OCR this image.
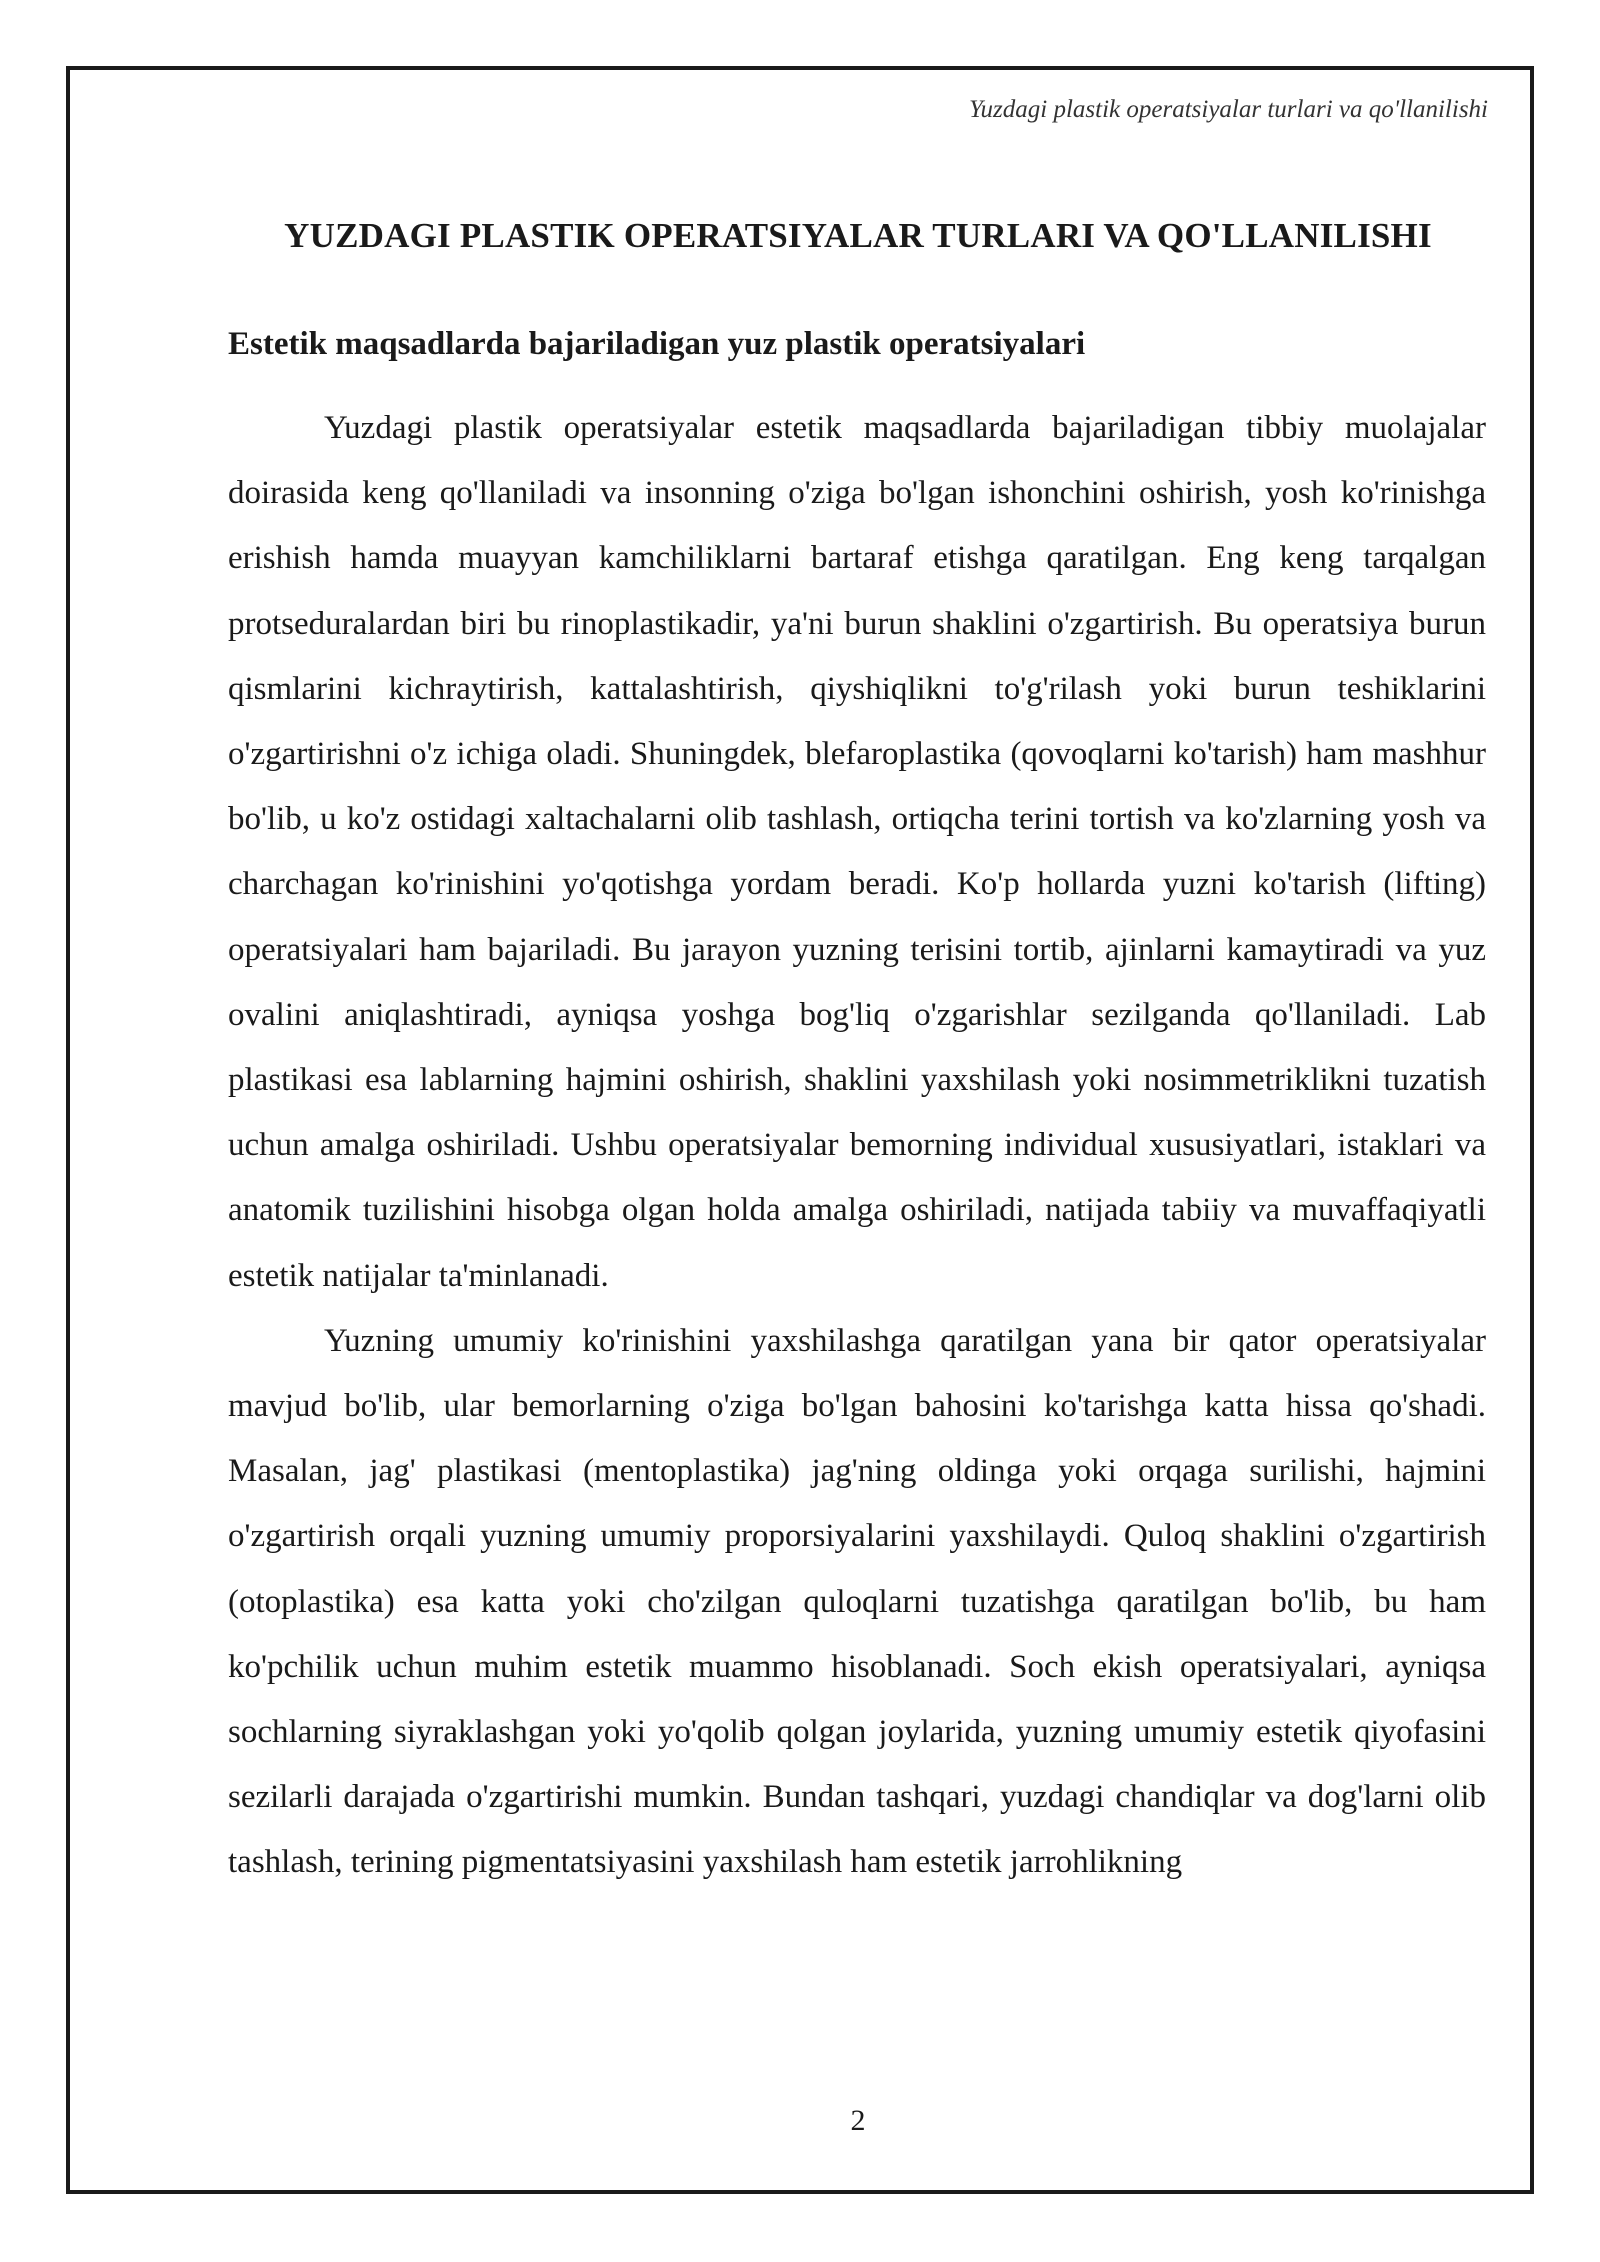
Yuzdagi plastik operatsiyalar turlari va qo'llanilishi
YUZDAGI PLASTIK OPERATSIYALAR TURLARI VA QO'LLANILISHI
Estetik maqsadlarda bajariladigan yuz plastik operatsiyalari

Yuzdagi plastik operatsiyalar estetik maqsadlarda bajariladigan tibbiy muolajalar doirasida keng qo'llaniladi va insonning o'ziga bo'lgan ishonchini oshirish, yosh ko'rinishga erishish hamda muayyan kamchiliklarni bartaraf etishga qaratilgan. Eng keng tarqalgan protseduralardan biri bu rinoplastikadir, ya'ni burun shaklini o'zgartirish. Bu operatsiya burun qismlarini kichraytirish, kattalashtirish, qiyshiqlikni to'g'rilash yoki burun teshiklarini o'zgartirishni o'z ichiga oladi. Shuningdek, blefaroplastika (qovoqlarni ko'tarish) ham mashhur bo'lib, u ko'z ostidagi xaltachalarni olib tashlash, ortiqcha terini tortish va ko'zlarning yosh va charchagan ko'rinishini yo'qotishga yordam beradi. Ko'p hollarda yuzni ko'tarish (lifting) operatsiyalari ham bajariladi. Bu jarayon yuzning terisini tortib, ajinlarni kamaytiradi va yuz ovalini aniqlashtiradi, ayniqsa yoshga bog'liq o'zgarishlar sezilganda qo'llaniladi. Lab plastikasi esa lablarning hajmini oshirish, shaklini yaxshilash yoki nosimmetriklikni tuzatish uchun amalga oshiriladi. Ushbu operatsiyalar bemorning individual xususiyatlari, istaklari va anatomik tuzilishini hisobga olgan holda amalga oshiriladi, natijada tabiiy va muvaffaqiyatli estetik natijalar ta'minlanadi.

Yuzning umumiy ko'rinishini yaxshilashga qaratilgan yana bir qator operatsiyalar mavjud bo'lib, ular bemorlarning o'ziga bo'lgan bahosini ko'tarishga katta hissa qo'shadi. Masalan, jag' plastikasi (mentoplastika) jag'ning oldinga yoki orqaga surilishi, hajmini o'zgartirish orqali yuzning umumiy proporsiyalarini yaxshilaydi. Quloq shaklini o'zgartirish (otoplastika) esa katta yoki cho'zilgan quloqlarni tuzatishga qaratilgan bo'lib, bu ham ko'pchilik uchun muhim estetik muammo hisoblanadi. Soch ekish operatsiyalari, ayniqsa sochlarning siyraklashgan yoki yo'qolib qolgan joylarida, yuzning umumiy estetik qiyofasini sezilarli darajada o'zgartirishi mumkin. Bundan tashqari, yuzdagi chandiqlar va dog'larni olib tashlash, terining pigmentatsiyasini yaxshilash ham estetik jarrohlikning

2
